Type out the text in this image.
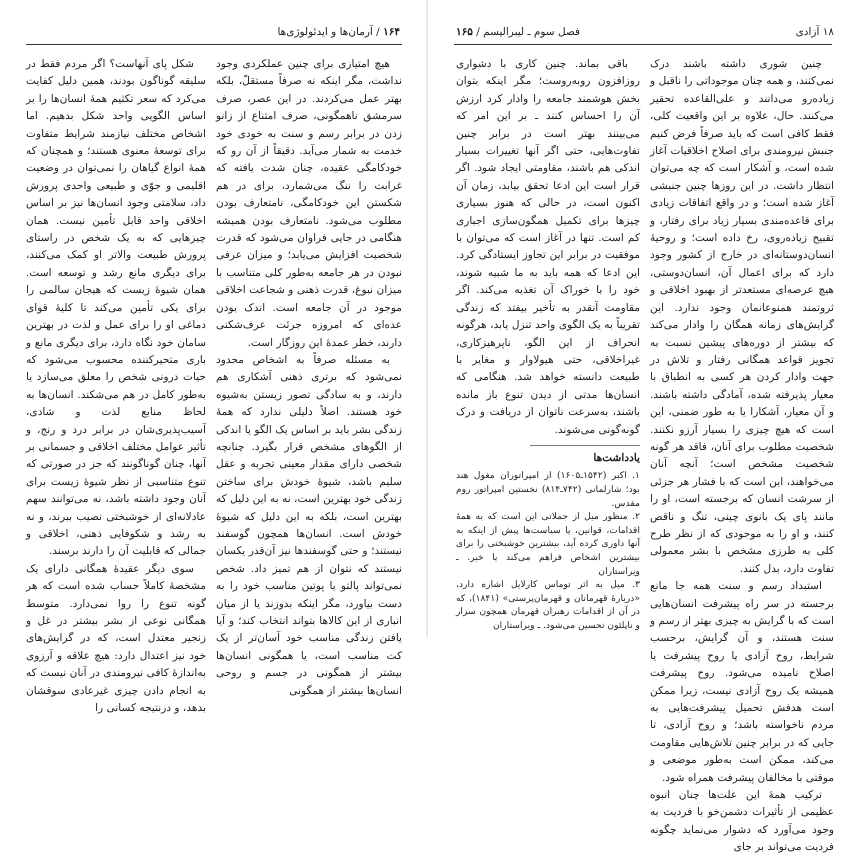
۱۶۴ / آرمان‌ها و ایدئولوژی‌ها

شکل پای آنهاست؟ اگر مردم فقط در سلیقه گوناگون بودند، همین دلیل کفایت می‌کرد که سعر تکثیم همهٔ انسان‌ها را بر اساس الگویی واحد شکل بدهیم. اما اشخاص مختلف نیازمند شرایط متفاوت برای توسعهٔ معنوی هستند؛ و همچنان که همهٔ انواع گیاهان را نمی‌توان در وضعیت اقلیمی و جوّی و طبیعی واحدی پرورش داد، سلامتی وجود انسان‌ها نیز بر اساس اخلاقی واحد قابل تأمین نیست. همان چیزهایی که به یک شخص در راستای پرورش طبیعت والاتر او کمک می‌کنند، برای دیگری مانع رشد و توسعه است. همان شیوهٔ زیست که هیجان سالمی را برای یکی تأمین می‌کند تا کلیهٔ قوای دماغی او را برای عمل و لذت در بهترین سامان خود نگاه دارد، برای دیگری مانع و باری متحیرکننده محسوب می‌شود که حیات درونی شخص را معلق می‌سازد یا به‌طور کامل در هم می‌شکند. انسان‌ها به لحاظ منابع لذت و شادی، آسیب‌پذیری‌شان در برابر درد و رنج، و تأثیر عوامل مختلف اخلاقی و جسمانی بر آنها، چنان گوناگونند که جز در صورتی که تنوع متناسبی از نظر شیوهٔ زیست برای آنان وجود داشته باشد، نه می‌توانند سهم عادلانه‌ای از خوشبختی نصیب ببرند، و نه به رشد و شکوفایی ذهنی، اخلاقی و جمالی که قابلیت آن را دارند برسند.

سوی دیگر عقیدهٔ همگانی دارای یک مشخصهٔ کاملاً حساب شده است که هر گونه تنوع را روا نمی‌دارد. متوسط همگانی نوعی از بشر بیشتر در غل و زنجیر معتدل است، که در گرایش‌های خود نیز اعتدال دارد: هیچ علاقه و آرزوی به‌اندازهٔ کافی نیرومندی در آنان نیست که به انجام دادن چیزی غیرعادی سوقشان بدهد، و درنتیجه کسانی را

هیچ امتیازی برای چنین عملکردی وجود نداشت، مگر اینکه نه صرفاً مستقلّ، بلکه بهتر عمل می‌کردند. در این عصر، صرف سرمشق ناهمگونی، صرف امتناع از زانو زدن در برابر رسم و سنت به خودی خود خدمت به شمار می‌آید. دقیقاً از آن رو که خودکامگی عقیده، چنان شدت یافته که غرابت را ننگ می‌شمارد، برای در هم شکستن این خودکامگی، نامتعارف بودن مطلوب می‌شود. نامتعارف بودن همیشه هنگامی در جایی فراوان می‌شود که قدرت شخصیت افزایش می‌یابد؛ و میزان عرفی نبودن در هر جامعه به‌طور کلی متناسب با میزان نبوغ، قدرت ذهنی و شجاعت اخلاقی موجود در آن جامعه است. اندک بودن عده‌ای که امروزه جرئت عرف‌شکنی دارند، خطر عمدهٔ این روزگار است.

به مسئله صرفاً به اشخاص محدود نمی‌شود که برتری ذهنی آشکاری هم دارند، و به سادگی تصور زیستن به‌شیوه خود هستند. اصلاً دلیلی ندارد که همهٔ زندگی بشر باید بر اساس یک الگو یا اندکی از الگوهای مشخص قرار بگیرد. چنانچه شخصی دارای مقدار معینی تجربه و عقل سلیم باشد، شیوهٔ خودش برای ساختن زندگی خود بهترین است، نه به این دلیل که بهترین است، بلکه به این دلیل که شیوهٔ خودش است. انسان‌ها همچون گوسفند نیستند؛ و حتی گوسفندها نیز آن‌قدر یکسان نیستند که نتوان از هم تمیز داد. شخص نمی‌تواند پالتو یا پوتین مناسب خود را به دست بیاورد، مگر اینکه بدوزند یا از میان انباری از این کالاها بتواند انتخاب کند؛ و آیا یافتن زندگی مناسب خود آسان‌تر از یک کت مناسب است، یا همگونی انسان‌ها بیشتر از همگونی در جسم و روحی انسان‌ها بیشتر از همگونی

۱۸ آزادی
فصل سوم ـ لیبرالیسم / ۱۶۵

چنین شوری داشته باشند درک نمی‌کنند، و همه چنان موجوداتی را ناقبل و زیاده‌رو می‌دانند و علی‌القاعده تحقیر می‌کنند. حال، علاوه بر این واقعیت کلی، فقط کافی است که باید صرفاً فرض کنیم جنبش نیرومندی برای اصلاح اخلاقیات آغاز شده است، و آشکار است که چه می‌توان انتظار داشت. در این روزها چنین جنبشی آغاز شده است؛ و در واقع اتفاقات زیادی برای قاعده‌مندی بسیار زیاد برای رفتار، و تقبیح زیاده‌روی، رخ داده است؛ و روحیهٔ انسان‌دوستانه‌ای در خارج از کشور وجود دارد که برای اعمال آن، انسان‌دوستی، هیچ عرصه‌ای مستعدتر از بهبود اخلاقی و ثروتمند همنوعانمان وجود ندارد. این گرایش‌های زمانه همگان را وادار می‌کند که بیشتر از دوره‌های پیشین نسبت به تجویز قواعد همگانی رفتار و تلاش در جهت وادار کردن هر کسی به انطباق با معیار پذیرفته شده، آمادگی داشته باشند. و آن معیار، آشکارا یا به طور ضمنی، این است که هیچ چیزی را بسیار آرزو نکنند. شخصیت مطلوب برای آنان، فاقد هر گونه شخصیت مشخص است؛ آنچه آنان می‌خواهند، این است که با فشار هر جزئی از سرشت انسان که برجسته است، او را مانند پای یک بانوی چینی، تنگ و ناقص کنند، و او را به موجودی که از نظر طرح کلی به طرزی مشخص با بشر معمولی تفاوت دارد، بدل کنند.

استبداد رسم و سنت همه جا مانع برجسته در سر راه پیشرفت انسان‌هایی است که با گرایش به چیزی بهتر از رسم و سنت هستند، و آن گرایش، برحسب شرایط، روح آزادی یا روح پیشرفت یا اصلاح نامیده می‌شود. روح پیشرفت همیشه یک روح آزادی نیست، زیرا ممکن است هدفش تحمیل پیشرفت‌هایی به مردم ناخواسته باشد؛ و روح آزادی، تا جایی که در برابر چنین تلاش‌هایی مقاومت می‌کند، ممکن است به‌طور موضعی و موقتی با مخالفان پیشرفت همراه شود.

ترکیب همهٔ این علت‌ها چنان انبوه عظیمی از تأثیرات دشمن‌خو با فردیت به وجود می‌آورد که دشوار می‌نماید چگونه فردیت می‌تواند بر جای

باقی بماند. چنین کاری با دشواری روزافزون روبه‌روست؛ مگر اینکه بتوان بخش هوشمند جامعه را وادار کرد ارزش آن را احساس کنند ـ بر این امر که می‌بینند بهتر است در برابر چنین تفاوت‌هایی، حتی اگر آنها تغییرات بسیار اندکی هم باشند، مقاومتی ایجاد شود. اگر قرار است این ادعا تحقق بیابد، زمان آن اکنون است، در حالی که هنوز بسیاری چیزها برای تکمیل همگون‌سازی اجباری کم است. تنها در آغاز است که می‌توان با موفقیت در برابر این تجاوز ایستادگی کرد. این ادعا که همه باید به ما شبیه شوند، خود را با خوراک آن تغذیه می‌کند. اگر مقاومت آنقدر به تأخیر بیفتد که زندگی تقریباً به یک الگوی واحد تنزل یابد، هرگونه انحراف از این الگو، ناپرهیزکاری، غیراخلاقی، حتی هیولاوار و مغایر با طبیعت دانسته خواهد شد. هنگامی که انسان‌ها مدتی از دیدن تنوع باز مانده باشند، به‌سرعت ناتوان از دریافت و درک گونه‌گونی می‌شوند.

یادداشت‌ها

۱. اکبر (۱۵۴۲ـ۱۶۰۵) از امپراتوران مغول هند بود؛ شارلمانی (۷۴۲ـ۸۱۴) نخستین امپراتور روم مقدس.

۲. منظور میل از جملاتی این است که به همهٔ اقدامات، قوانین، یا سیاست‌ها پیش از اینکه به آنها داوری کرده آید، بیشترین خوشبختی را برای بیشترین اشخاص فراهم می‌کند یا خیر. ـ ویراستاران

۳. میل به اثر توماس کارلایل اشاره دارد، «دربارهٔ قهرمانان و قهرمان‌پرستی» (۱۸۴۱)، که در آن از اقدامات رهبران قهرمان همچون سزار و ناپلئون تحسین می‌شود. ـ ویراستاران
